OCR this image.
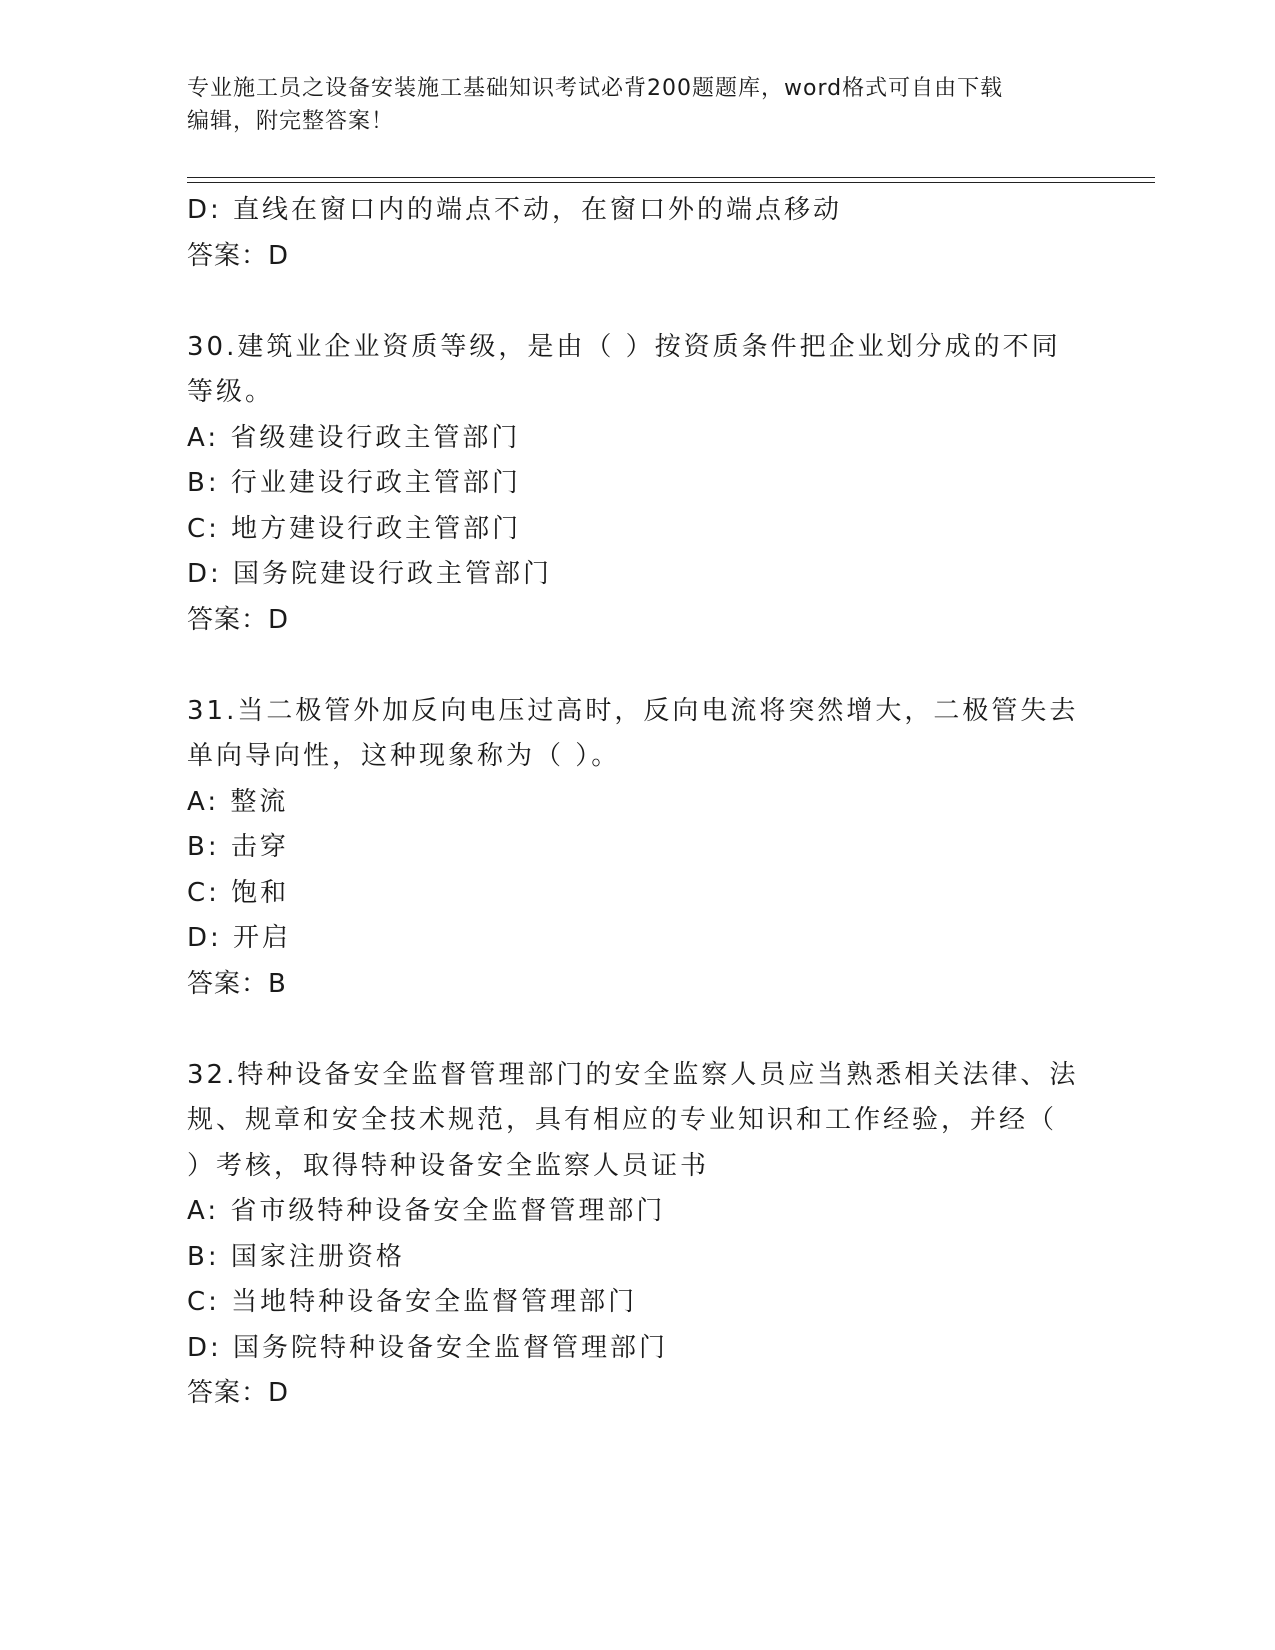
专业施工员之设备安装施工基础知识考试必背200题题库，word格式可自由下载
编辑，附完整答案！
D: 直线在窗口内的端点不动，在窗口外的端点移动
答案：D
30.建筑业企业资质等级，是由（ ）按资质条件把企业划分成的不同
等级。
A: 省级建设行政主管部门
B: 行业建设行政主管部门
C: 地方建设行政主管部门
D: 国务院建设行政主管部门
答案：D
31.当二极管外加反向电压过高时，反向电流将突然增大，二极管失去
单向导向性，这种现象称为（ ）。
A: 整流
B: 击穿
C: 饱和
D: 开启
答案：B
32.特种设备安全监督管理部门的安全监察人员应当熟悉相关法律、法
规、规章和安全技术规范，具有相应的专业知识和工作经验，并经（
）考核，取得特种设备安全监察人员证书
A: 省市级特种设备安全监督管理部门
B: 国家注册资格
C: 当地特种设备安全监督管理部门
D: 国务院特种设备安全监督管理部门
答案：D
